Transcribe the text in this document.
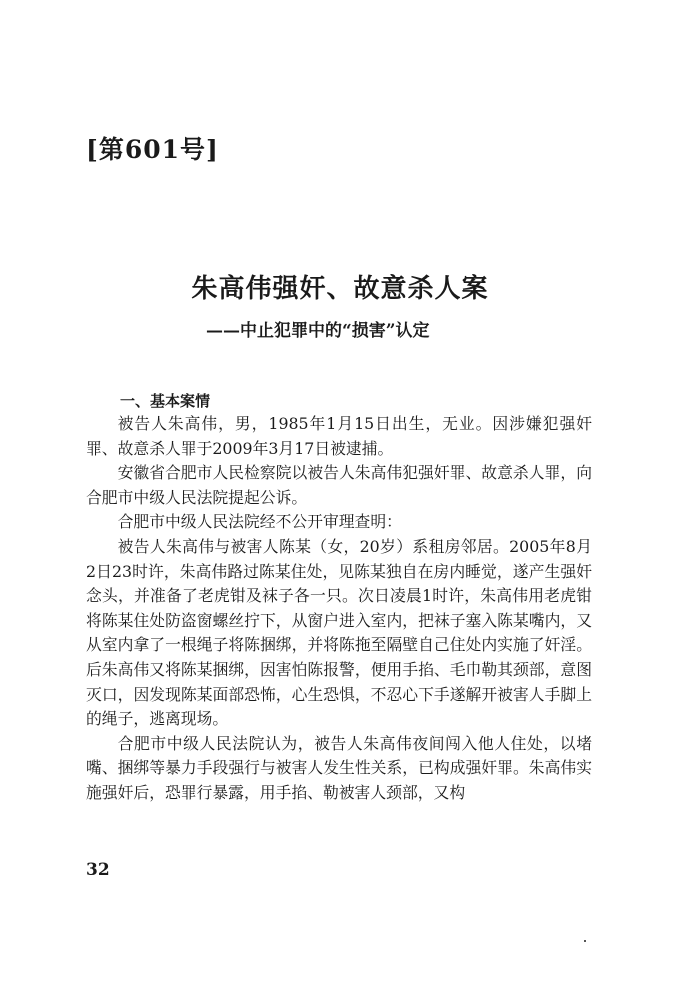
[第601号]
朱高伟强奸、故意杀人案
——中止犯罪中的“损害”认定
一、基本案情

被告人朱高伟，男，1985年1月15日出生，无业。因涉嫌犯强奸罪、故意杀人罪于2009年3月17日被逮捕。

安徽省合肥市人民检察院以被告人朱高伟犯强奸罪、故意杀人罪，向合肥市中级人民法院提起公诉。

合肥市中级人民法院经不公开审理查明：

被告人朱高伟与被害人陈某（女，20岁）系租房邻居。2005年8月2日23时许，朱高伟路过陈某住处，见陈某独自在房内睡觉，遂产生强奸念头，并准备了老虎钳及袜子各一只。次日凌晨1时许，朱高伟用老虎钳将陈某住处防盗窗螺丝拧下，从窗户进入室内，把袜子塞入陈某嘴内，又从室内拿了一根绳子将陈捆绑，并将陈拖至隔壁自己住处内实施了奸淫。后朱高伟又将陈某捆绑，因害怕陈报警，便用手掐、毛巾勒其颈部，意图灭口，因发现陈某面部恐怖，心生恐惧，不忍心下手遂解开被害人手脚上的绳子，逃离现场。

合肥市中级人民法院认为，被告人朱高伟夜间闯入他人住处，以堵嘴、捆绑等暴力手段强行与被害人发生性关系，已构成强奸罪。朱高伟实施强奸后，恐罪行暴露，用手掐、勒被害人颈部，又构

32
